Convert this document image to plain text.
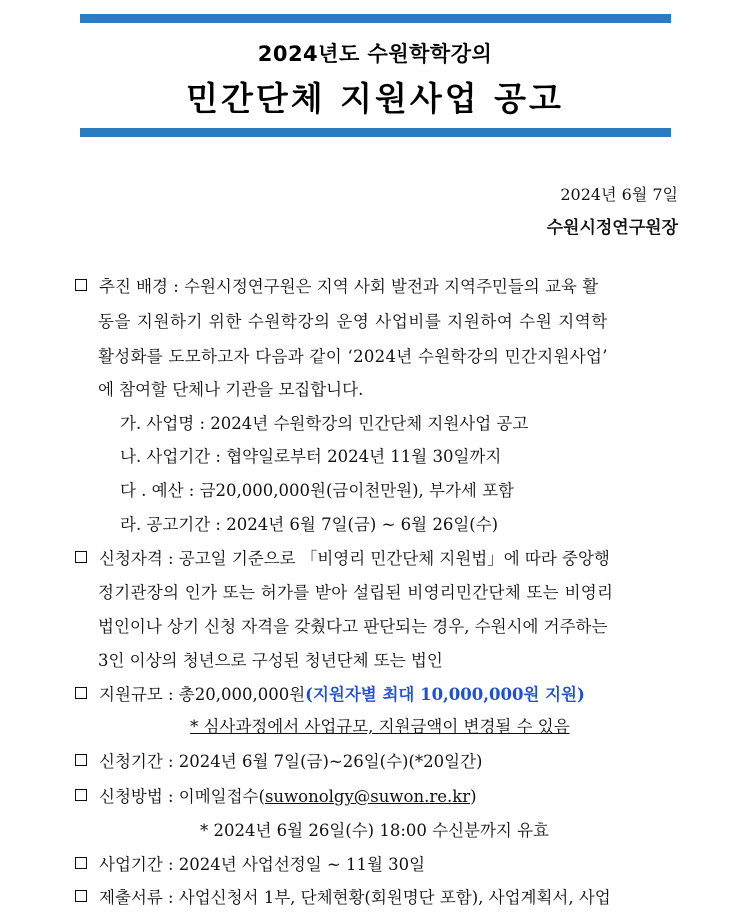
2024년도 수원학학강의
민간단체 지원사업 공고
2024년 6월 7일
수원시정연구원장
추진 배경 : 수원시정연구원은 지역 사회 발전과 지역주민들의 교육 활
동을 지원하기 위한 수원학강의 운영 사업비를 지원하여 수원 지역학
활성화를 도모하고자 다음과 같이 ‘2024년 수원학강의 민간지원사업’
에 참여할 단체나 기관을 모집합니다.
가. 사업명 : 2024년 수원학강의 민간단체 지원사업 공고
나. 사업기간 : 협약일로부터 2024년 11월 30일까지
다 . 예산 : 금20,000,000원(금이천만원), 부가세 포함
라. 공고기간 : 2024년 6월 7일(금) ~ 6월 26일(수)
신청자격 : 공고일 기준으로 「비영리 민간단체 지원법」에 따라 중앙행
정기관장의 인가 또는 허가를 받아 설립된 비영리민간단체 또는 비영리
법인이나 상기 신청 자격을 갖췄다고 판단되는 경우, 수원시에 거주하는
3인 이상의 청년으로 구성된 청년단체 또는 법인
지원규모 : 총20,000,000원(지원자별 최대 10,000,000원 지원)
* 심사과정에서 사업규모, 지원금액이 변경될 수 있음
신청기간 : 2024년 6월 7일(금)~26일(수)(*20일간)
신청방법 : 이메일접수(suwonolgy@suwon.re.kr)
* 2024년 6월 26일(수) 18:00 수신분까지 유효
사업기간 : 2024년 사업선정일 ~ 11월 30일
제출서류 : 사업신청서 1부, 단체현황(회원명단 포함), 사업계획서, 사업
